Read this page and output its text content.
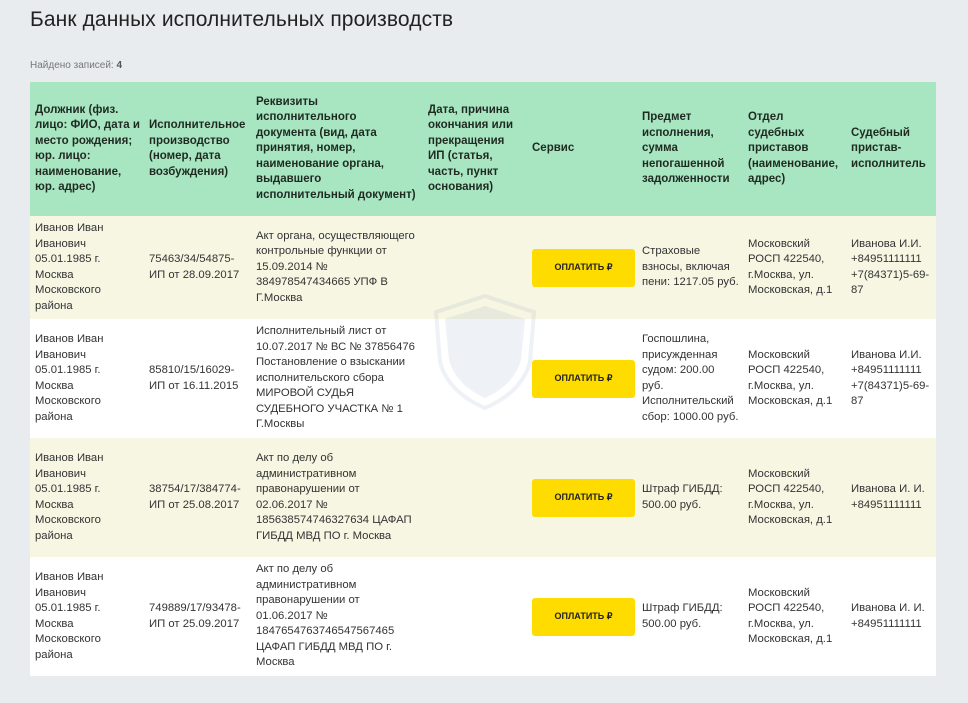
Банк данных исполнительных производств
Найдено записей: 4
Должник (физ. лицо: ФИО, дата и место рождения; юр. лицо: наименование, юр. адрес)	Исполнительное производство (номер, дата возбуждения)	Реквизиты исполнительного документа (вид, дата принятия, номер, наименование органа, выдавшего исполнительный документ)	Дата, причина окончания или прекращения ИП (статья, часть, пункт основания)	Сервис	Предмет исполнения, сумма непогашенной задолженности	Отдел судебных приставов (наименование, адрес)	Судебный пристав-исполнитель
Иванов Иван Иванович 05.01.1985 г. Москва Московского района	75463/34/54875-ИП от 28.09.2017	Акт органа, осуществляющего контрольные функции от 15.09.2014 № 384978547434665 УПФ В Г.Москва		ОПЛАТИТЬ ₽	Страховые взносы, включая пени: 1217.05 руб.	Московский РОСП 422540, г.Москва, ул. Московская, д.1	Иванова И.И. +84951111111 +7(84371)5-69-87
Иванов Иван Иванович 05.01.1985 г. Москва Московского района	85810/15/16029-ИП от 16.11.2015	Исполнительный лист от 10.07.2017 № ВС № 37856476 Постановление о взыскании исполнительского сбора МИРОВОЙ СУДЬЯ СУДЕБНОГО УЧАСТКА № 1 Г.Москвы		ОПЛАТИТЬ ₽	Госпошлина, присужденная судом: 200.00 руб. Исполнительский сбор: 1000.00 руб.	Московский РОСП 422540, г.Москва, ул. Московская, д.1	Иванова И.И. +84951111111 +7(84371)5-69-87
Иванов Иван Иванович 05.01.1985 г. Москва Московского района	38754/17/384774-ИП от 25.08.2017	Акт по делу об административном правонарушении от 02.06.2017 № 185638574746327634 ЦАФАП ГИБДД МВД ПО г. Москва		ОПЛАТИТЬ ₽	Штраф ГИБДД: 500.00 руб.	Московский РОСП 422540, г.Москва, ул. Московская, д.1	Иванова И. И. +84951111111
Иванов Иван Иванович 05.01.1985 г. Москва Московского района	749889/17/93478-ИП от 25.09.2017	Акт по делу об административном правонарушении от 01.06.2017 № 184765476374654756​7465 ЦАФАП ГИБДД МВД ПО г. Москва		ОПЛАТИТЬ ₽	Штраф ГИБДД: 500.00 руб.	Московский РОСП 422540, г.Москва, ул. Московская, д.1	Иванова И. И. +84951111111
